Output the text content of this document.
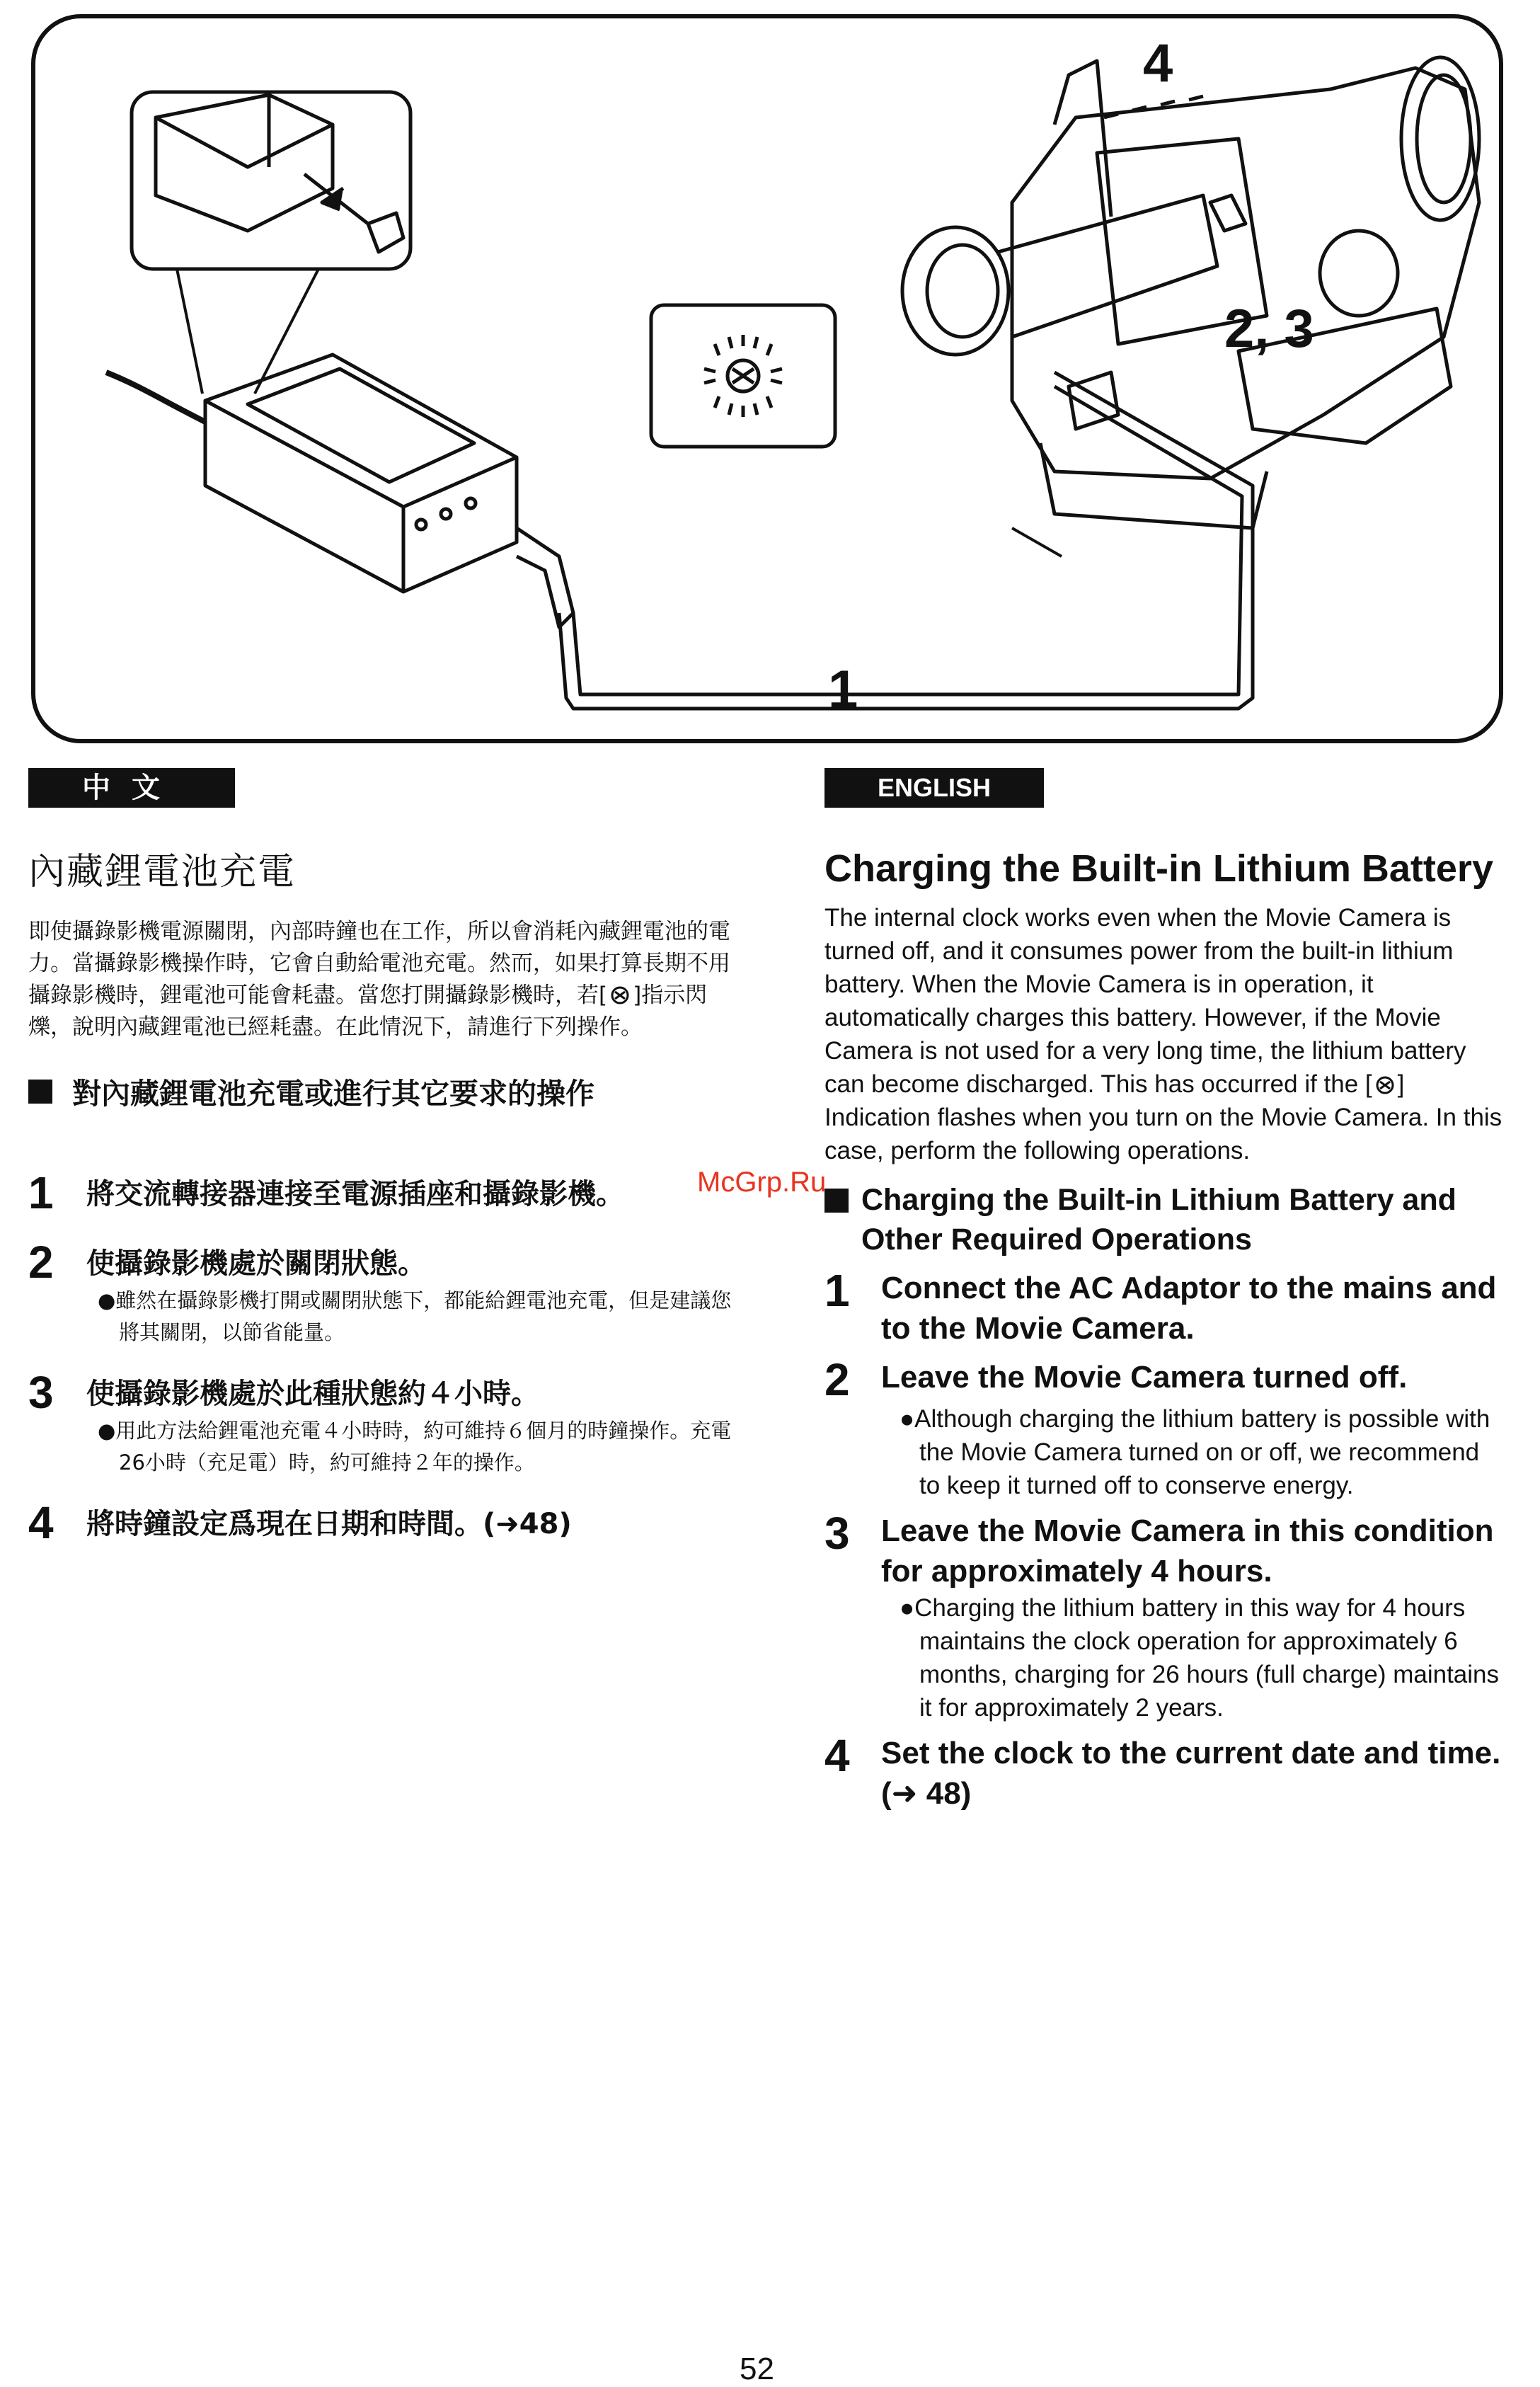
4
2, 3
1
中文
內藏鋰電池充電

即使攝錄影機電源關閉，內部時鐘也在工作，所以會消耗內藏鋰電池的電力。當攝錄影機操作時，它會自動給電池充電。然而，如果打算長期不用攝錄影機時，鋰電池可能會耗盡。當您打開攝錄影機時，若[ ]指示閃爍，說明內藏鋰電池已經耗盡。在此情況下，請進行下列操作。

對內藏鋰電池充電或進行其它要求的操作
1	將交流轉接器連接至電源插座和攝錄影機。
2	使攝錄影機處於關閉狀態。
●雖然在攝錄影機打開或關閉狀態下，都能給鋰電池充電，但是建議您將其關閉，以節省能量。
3	使攝錄影機處於此種狀態約４小時。
●用此方法給鋰電池充電４小時時，約可維持６個月的時鐘操作。充電26小時（充足電）時，約可維持２年的操作。
4	將時鐘設定爲現在日期和時間。(➜48)
ENGLISH
Charging the Built-in Lithium Battery

The internal clock works even when the Movie Camera is turned off, and it consumes power from the built-in lithium battery. When the Movie Camera is in operation, it automatically charges this battery. However, if the Movie Camera is not used for a very long time, the lithium battery can become discharged. This has occurred if the [ ] Indication flashes when you turn on the Movie Camera. In this case, perform the following operations.

Charging the Built-in Lithium Battery and Other Required Operations
1	Connect the AC Adaptor to the mains and to the Movie Camera.
2	Leave the Movie Camera turned off.
●Although charging the lithium battery is possible with the Movie Camera turned on or off, we recommend to keep it turned off to conserve energy.
3	Leave the Movie Camera in this condition for approximately 4 hours.
●Charging the lithium battery in this way for 4 hours maintains the clock operation for approximately 6 months, charging for 26 hours (full charge) maintains it for approximately 2 years.
4	Set the clock to the current date and time. (➜ 48)
McGrp.Ru
52
